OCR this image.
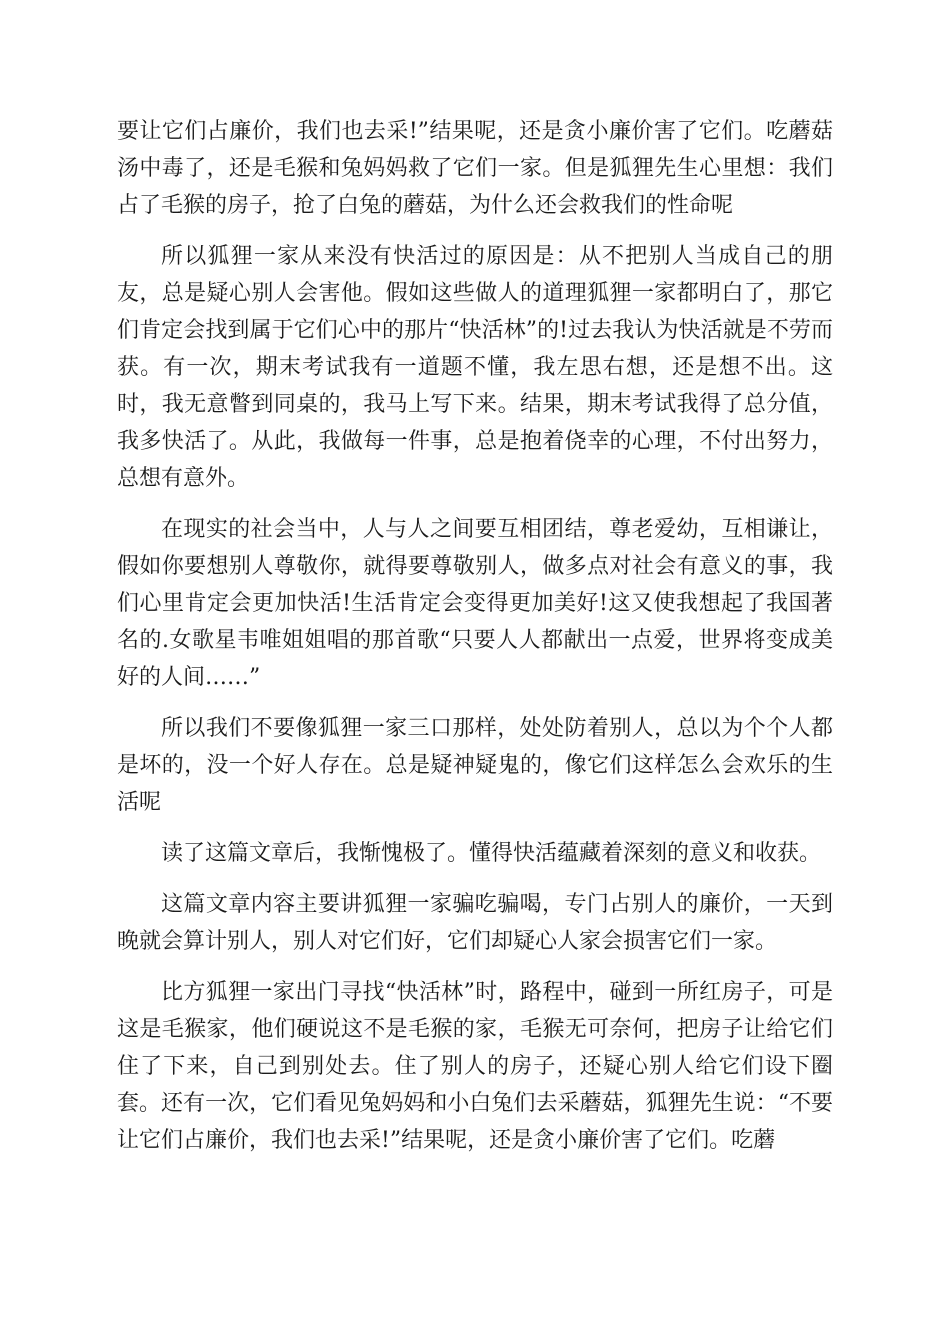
要让它们占廉价，我们也去采!”结果呢，还是贪小廉价害了它们。吃蘑菇汤中毒了，还是毛猴和兔妈妈救了它们一家。但是狐狸先生心里想：我们占了毛猴的房子，抢了白兔的蘑菇，为什么还会救我们的性命呢

所以狐狸一家从来没有快活过的原因是：从不把别人当成自己的朋友，总是疑心别人会害他。假如这些做人的道理狐狸一家都明白了，那它们肯定会找到属于它们心中的那片“快活林”的!过去我认为快活就是不劳而获。有一次，期末考试我有一道题不懂，我左思右想，还是想不出。这时，我无意瞥到同桌的，我马上写下来。结果，期末考试我得了总分值，我多快活了。从此，我做每一件事，总是抱着侥幸的心理，不付出努力，总想有意外。

在现实的社会当中，人与人之间要互相团结，尊老爱幼，互相谦让，假如你要想别人尊敬你，就得要尊敬别人，做多点对社会有意义的事，我们心里肯定会更加快活!生活肯定会变得更加美好!这又使我想起了我国著名的.女歌星韦唯姐姐唱的那首歌“只要人人都献出一点爱，世界将变成美好的人间……”

所以我们不要像狐狸一家三口那样，处处防着别人，总以为个个人都是坏的，没一个好人存在。总是疑神疑鬼的，像它们这样怎么会欢乐的生活呢

读了这篇文章后，我惭愧极了。懂得快活蕴藏着深刻的意义和收获。

这篇文章内容主要讲狐狸一家骗吃骗喝，专门占别人的廉价，一天到晚就会算计别人，别人对它们好，它们却疑心人家会损害它们一家。

比方狐狸一家出门寻找“快活林”时，路程中，碰到一所红房子，可是这是毛猴家，他们硬说这不是毛猴的家，毛猴无可奈何，把房子让给它们住了下来，自己到别处去。住了别人的房子，还疑心别人给它们设下圈套。还有一次，它们看见兔妈妈和小白兔们去采蘑菇，狐狸先生说：“不要让它们占廉价，我们也去采!”结果呢，还是贪小廉价害了它们。吃蘑
